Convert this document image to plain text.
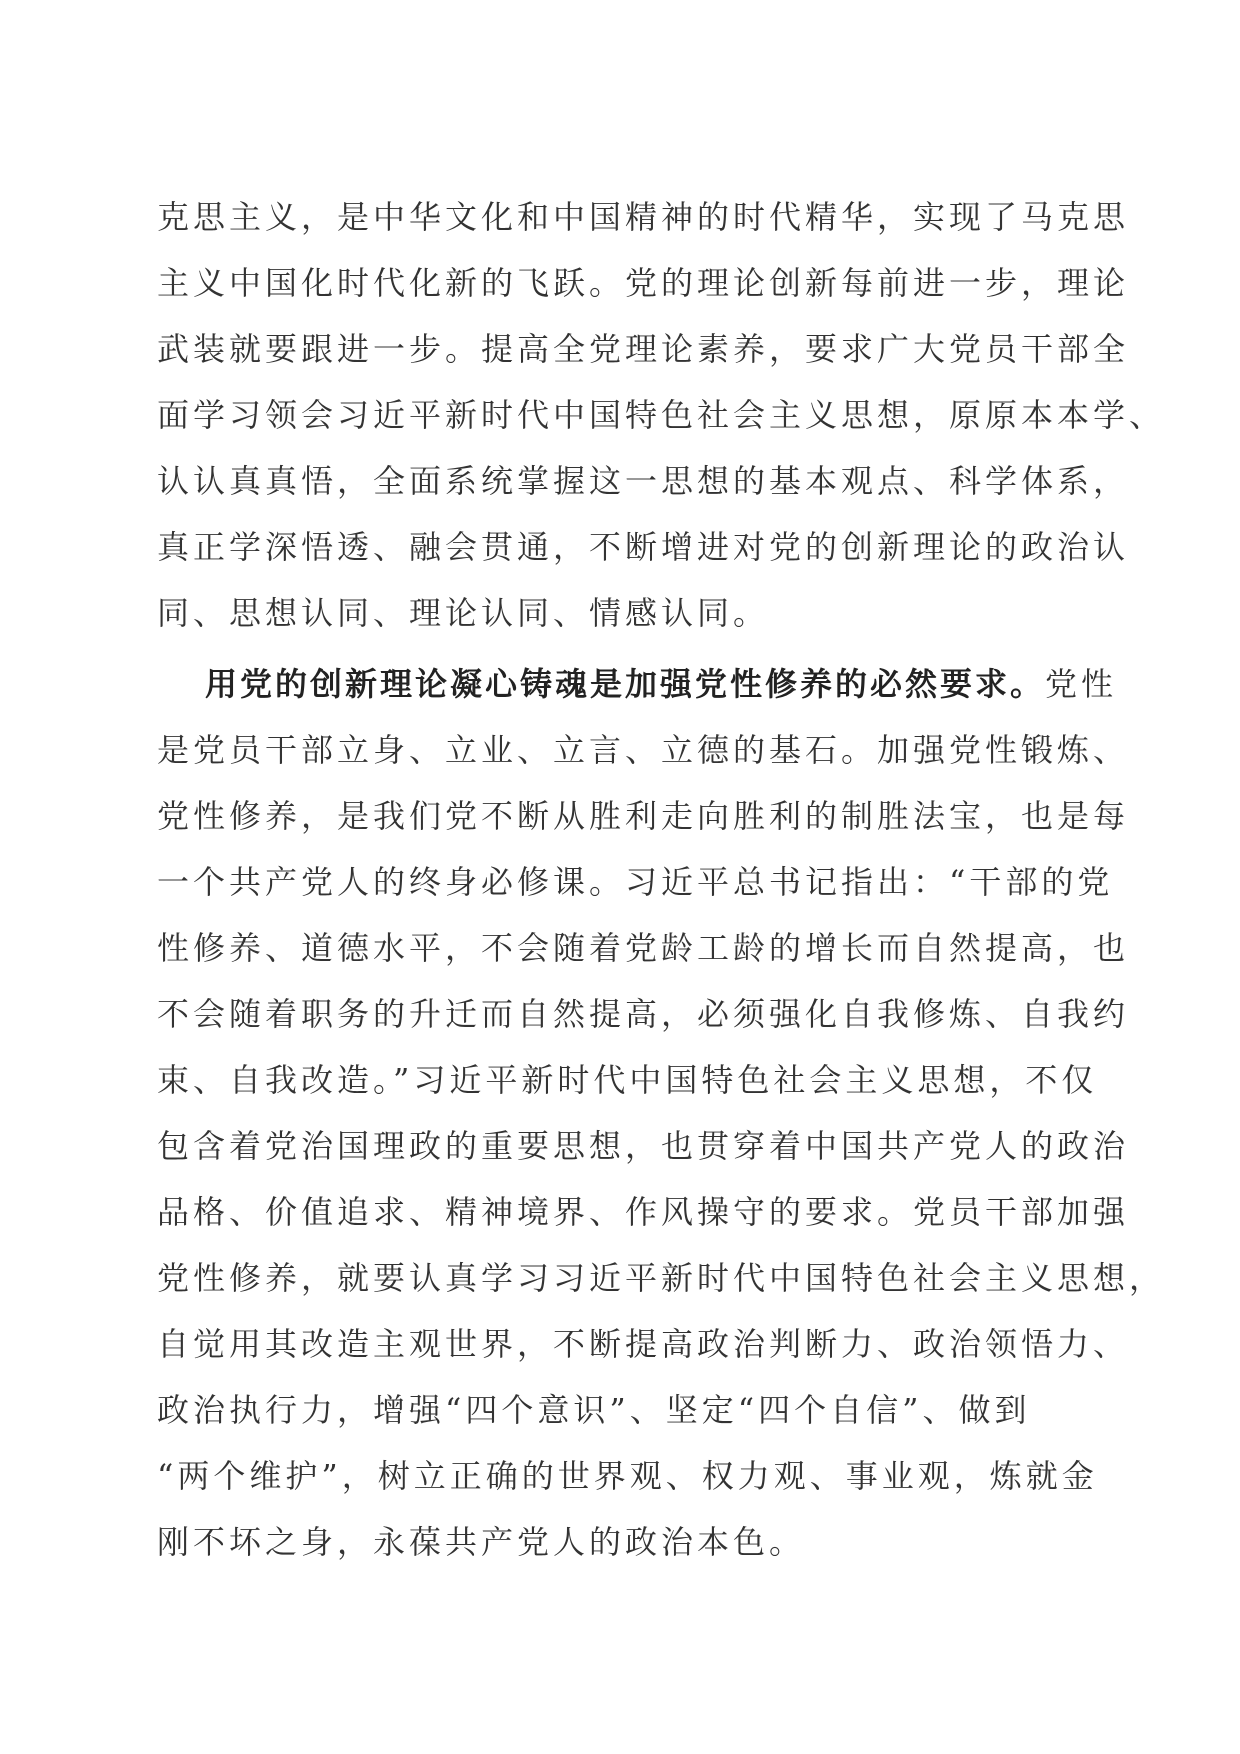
克思主义，是中华文化和中国精神的时代精华，实现了马克思
主义中国化时代化新的飞跃。党的理论创新每前进一步，理论
武装就要跟进一步。提高全党理论素养，要求广大党员干部全
面学习领会习近平新时代中国特色社会主义思想，原原本本学、
认认真真悟，全面系统掌握这一思想的基本观点、科学体系，
真正学深悟透、融会贯通，不断增进对党的创新理论的政治认
同、思想认同、理论认同、情感认同。
用党的创新理论凝心铸魂是加强党性修养的必然要求。党性
是党员干部立身、立业、立言、立德的基石。加强党性锻炼、
党性修养，是我们党不断从胜利走向胜利的制胜法宝，也是每
一个共产党人的终身必修课。习近平总书记指出：“干部的党
性修养、道德水平，不会随着党龄工龄的增长而自然提高，也
不会随着职务的升迁而自然提高，必须强化自我修炼、自我约
束、自我改造。”习近平新时代中国特色社会主义思想，不仅
包含着党治国理政的重要思想，也贯穿着中国共产党人的政治
品格、价值追求、精神境界、作风操守的要求。党员干部加强
党性修养，就要认真学习习近平新时代中国特色社会主义思想，
自觉用其改造主观世界，不断提高政治判断力、政治领悟力、
政治执行力，增强“四个意识”、坚定“四个自信”、做到
“两个维护”，树立正确的世界观、权力观、事业观，炼就金
刚不坏之身，永葆共产党人的政治本色。
